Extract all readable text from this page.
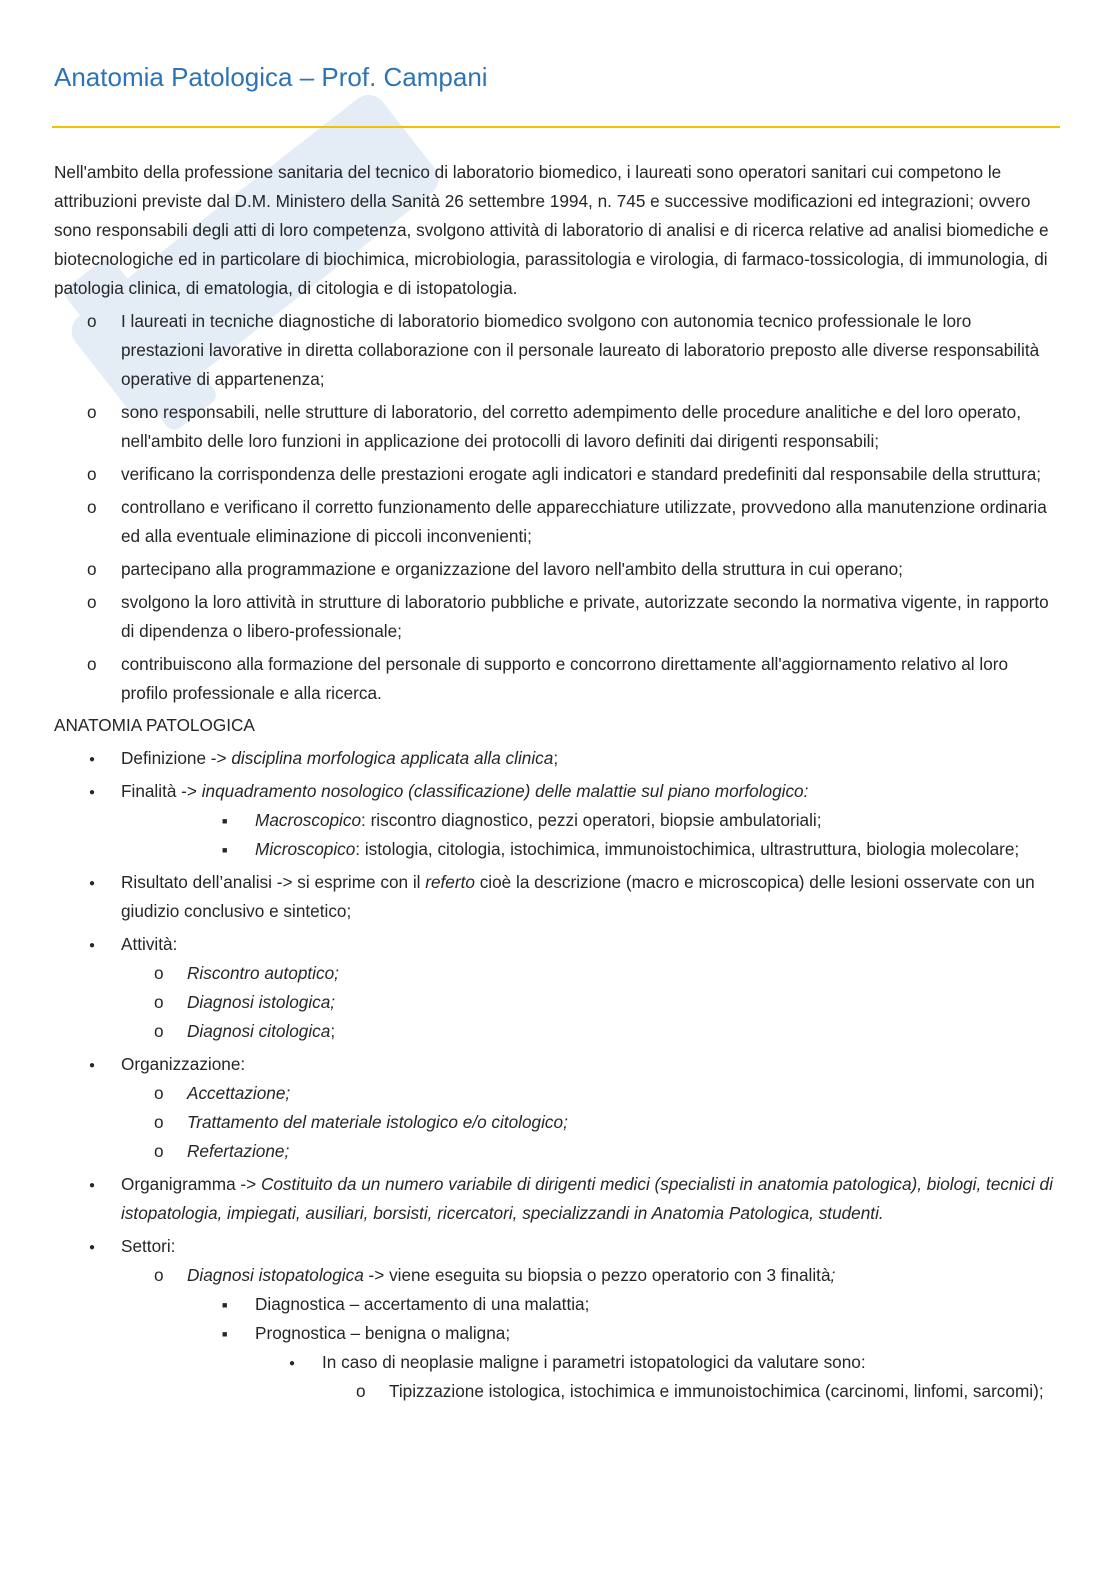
Anatomia Patologica – Prof. Campani

Nell'ambito della professione sanitaria del tecnico di laboratorio biomedico, i laureati sono operatori sanitari cui competono le attribuzioni previste dal D.M. Ministero della Sanità 26 settembre 1994, n. 745 e successive modificazioni ed integrazioni; ovvero sono responsabili degli atti di loro competenza, svolgono attività di laboratorio di analisi e di ricerca relative ad analisi biomediche e biotecnologiche ed in particolare di biochimica, microbiologia, parassitologia e virologia, di farmaco-tossicologia, di immunologia, di patologia clinica, di ematologia, di citologia e di istopatologia.

o I laureati in tecniche diagnostiche di laboratorio biomedico svolgono con autonomia tecnico professionale le loro prestazioni lavorative in diretta collaborazione con il personale laureato di laboratorio preposto alle diverse responsabilità operative di appartenenza;
o sono responsabili, nelle strutture di laboratorio, del corretto adempimento delle procedure analitiche e del loro operato, nell'ambito delle loro funzioni in applicazione dei protocolli di lavoro definiti dai dirigenti responsabili;
o verificano la corrispondenza delle prestazioni erogate agli indicatori e standard predefiniti dal responsabile della struttura;
o controllano e verificano il corretto funzionamento delle apparecchiature utilizzate, provvedono alla manutenzione ordinaria ed alla eventuale eliminazione di piccoli inconvenienti;
o partecipano alla programmazione e organizzazione del lavoro nell'ambito della struttura in cui operano;
o svolgono la loro attività in strutture di laboratorio pubbliche e private, autorizzate secondo la normativa vigente, in rapporto di dipendenza o libero-professionale;
o contribuiscono alla formazione del personale di supporto e concorrono direttamente all'aggiornamento relativo al loro profilo professionale e alla ricerca.

ANATOMIA PATOLOGICA

● Definizione -> disciplina morfologica applicata alla clinica;
● Finalità -> inquadramento nosologico (classificazione) delle malattie sul piano morfologico:
■ Macroscopico: riscontro diagnostico, pezzi operatori, biopsie ambulatoriali;
■ Microscopico: istologia, citologia, istochimica, immunoistochimica, ultrastruttura, biologia molecolare;
● Risultato dell’analisi -> si esprime con il referto cioè la descrizione (macro e microscopica) delle lesioni osservate con un giudizio conclusivo e sintetico;
● Attività:
o Riscontro autoptico;
o Diagnosi istologica;
o Diagnosi citologica;
● Organizzazione:
o Accettazione;
o Trattamento del materiale istologico e/o citologico;
o Refertazione;
● Organigramma -> Costituito da un numero variabile di dirigenti medici (specialisti in anatomia patologica), biologi, tecnici di istopatologia, impiegati, ausiliari, borsisti, ricercatori, specializzandi in Anatomia Patologica, studenti.
● Settori:
o Diagnosi istopatologica -> viene eseguita su biopsia o pezzo operatorio con 3 finalità;
■ Diagnostica – accertamento di una malattia;
■ Prognostica – benigna o maligna;
● In caso di neoplasie maligne i parametri istopatologici da valutare sono:
o Tipizzazione istologica, istochimica e immunoistochimica (carcinomi, linfomi, sarcomi);
